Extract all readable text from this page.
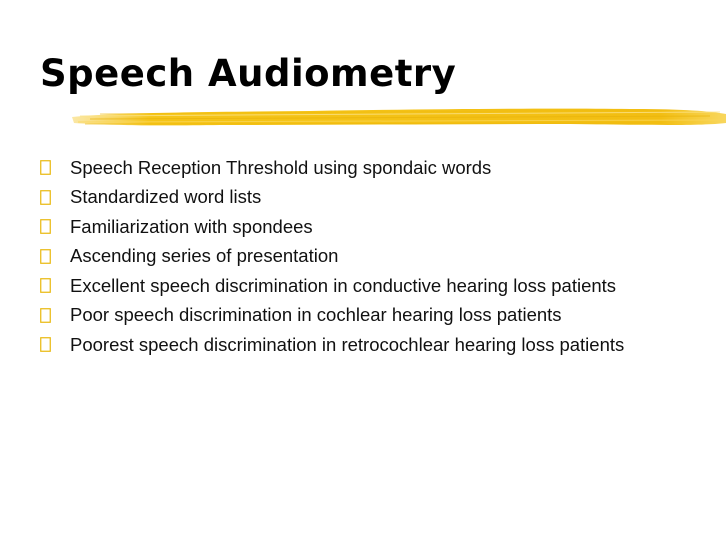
Speech Audiometry
Speech Reception Threshold using spondaic words
Standardized word lists
Familiarization with spondees
Ascending series of presentation
Excellent speech discrimination in conductive hearing loss patients
Poor speech discrimination in cochlear hearing loss patients
Poorest speech discrimination in retrocochlear hearing loss patients
